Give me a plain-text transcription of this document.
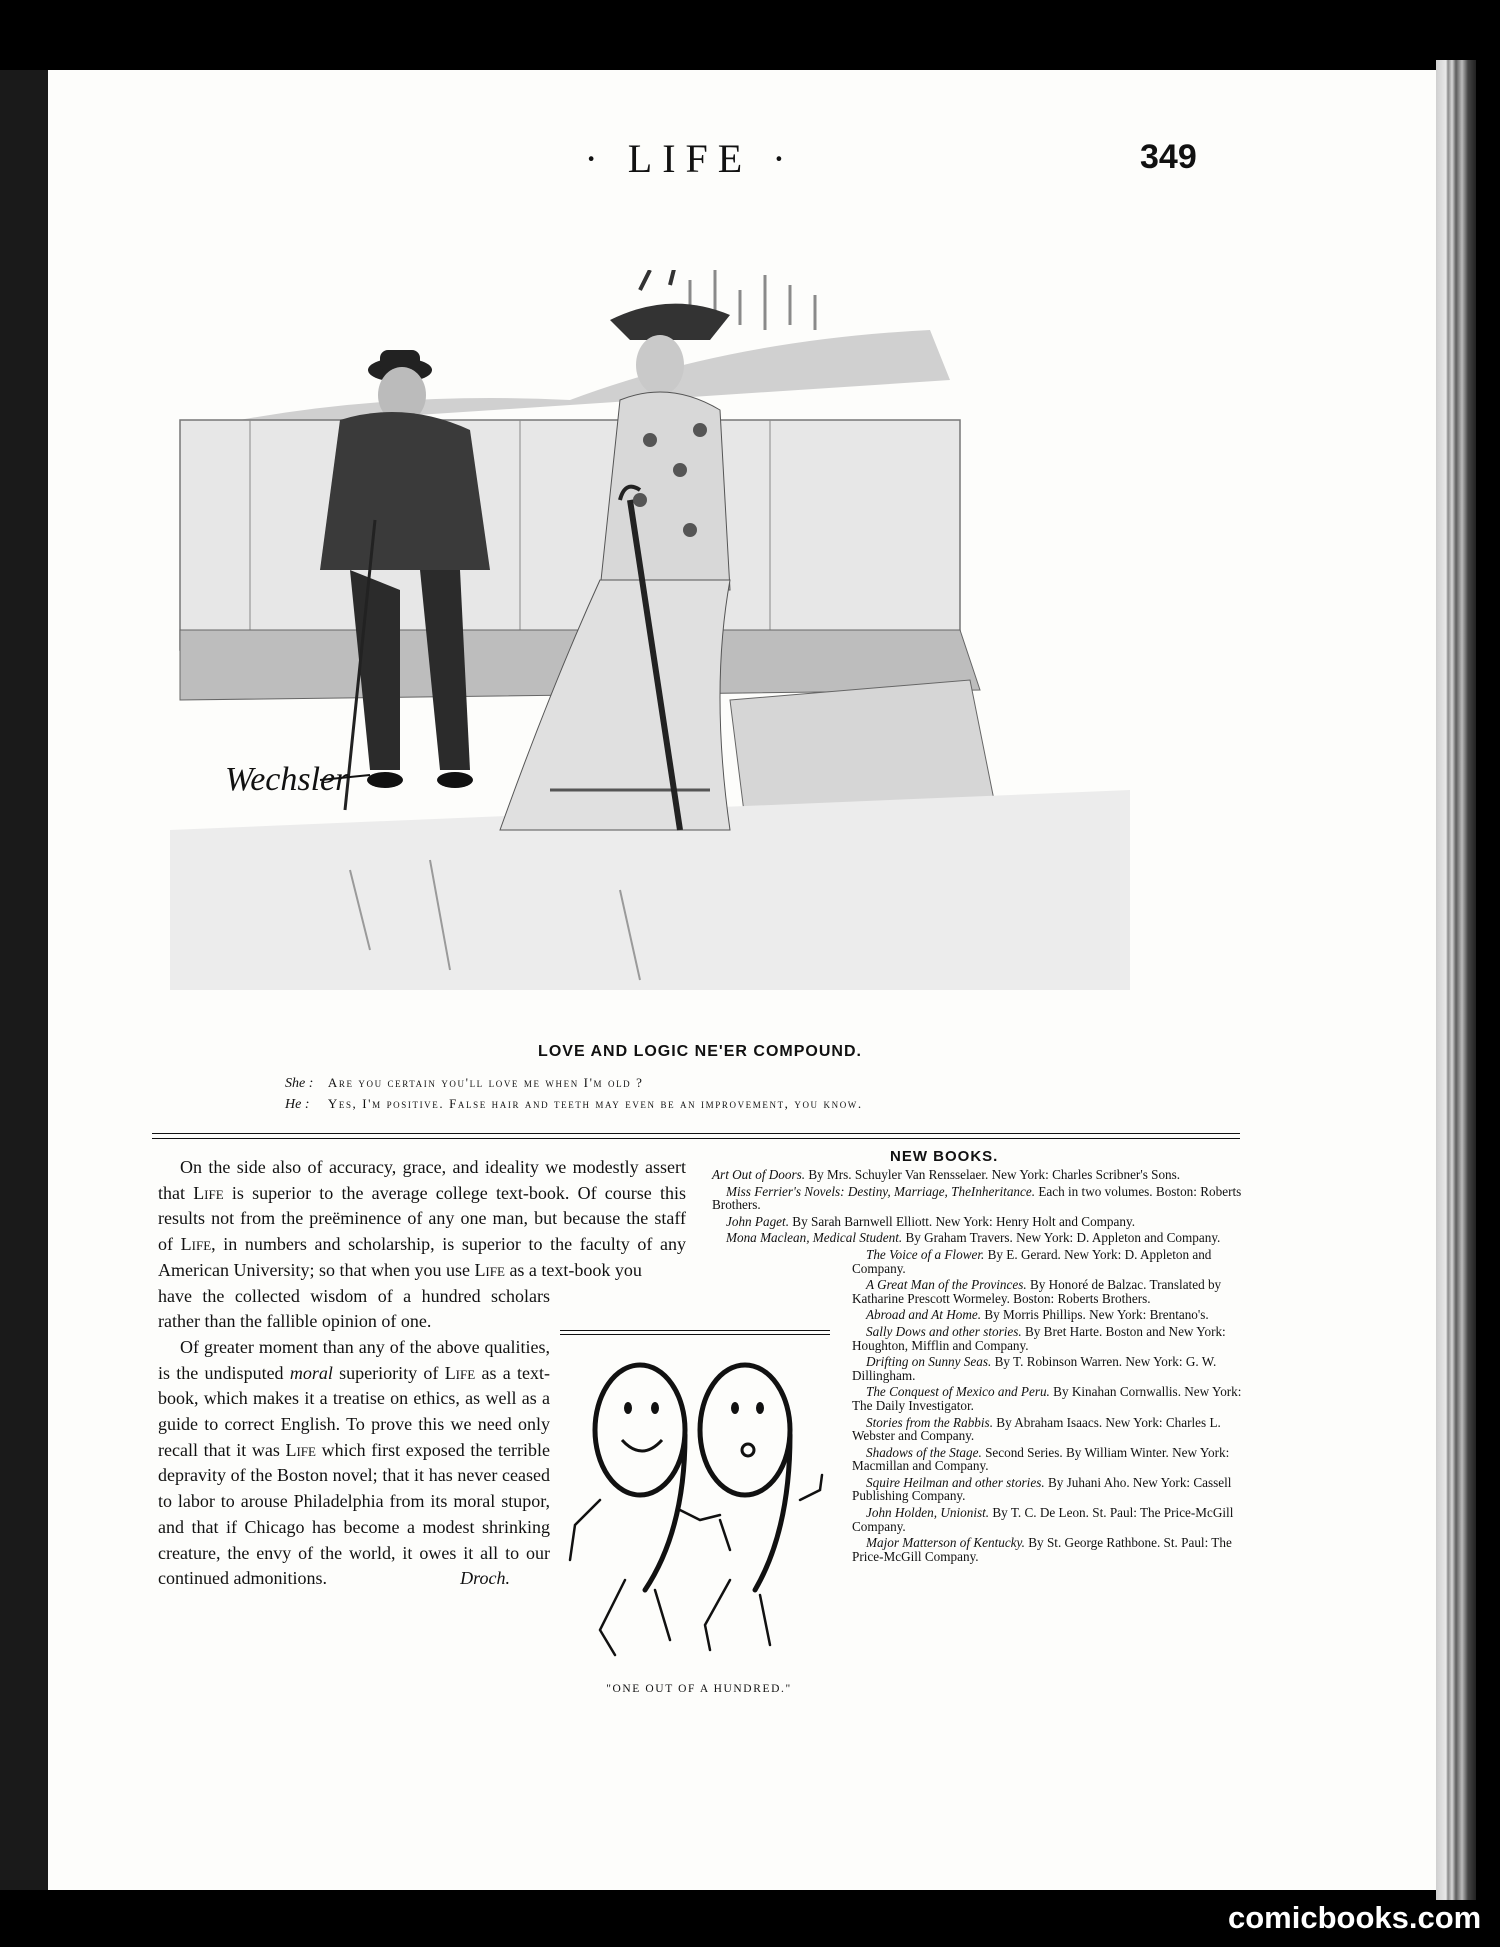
· LIFE ·	349
Wechsler
LOVE AND LOGIC NE'ER COMPOUND.
She : Are you certain you'll love me when I'm old ?
He : Yes, I'm positive. False hair and teeth may even be an improvement, you know.

On the side also of accuracy, grace, and ideality we modestly assert that Life is superior to the average college text-book. Of course this results not from the preëminence of any one man, but because the staff of Life, in numbers and scholarship, is superior to the faculty of any American University; so that when you use Life as a text-book you

have the collected wisdom of a hundred scholars rather than the fallible opinion of one.

Of greater moment than any of the above qualities, is the undisputed moral superiority of Life as a text-book, which makes it a treatise on ethics, as well as a guide to correct English. To prove this we need only recall that it was Life which first exposed the terrible depravity of the Boston novel; that it has never ceased to labor to arouse Philadelphia from its moral stupor, and that if Chicago has become a modest shrinking creature, the envy of the world, it owes it all to our continued admonitions.	Droch.

"ONE OUT OF A HUNDRED."
NEW BOOKS.
Art Out of Doors. By Mrs. Schuyler Van Rensselaer. New York: Charles Scribner's Sons.
Miss Ferrier's Novels: Destiny, Marriage, TheInheritance. Each in two volumes. Boston: Roberts Brothers.
John Paget. By Sarah Barnwell Elliott. New York: Henry Holt and Company.
Mona Maclean, Medical Student. By Graham Travers. New York: D. Appleton and Company.
The Voice of a Flower. By E. Gerard. New York: D. Appleton and Company.
A Great Man of the Provinces. By Honoré de Balzac. Translated by Katharine Prescott Wormeley. Boston: Roberts Brothers.
Abroad and At Home. By Morris Phillips. New York: Brentano's.
Sally Dows and other stories. By Bret Harte. Boston and New York: Houghton, Mifflin and Company.
Drifting on Sunny Seas. By T. Robinson Warren. New York: G. W. Dillingham.
The Conquest of Mexico and Peru. By Kinahan Cornwallis. New York: The Daily Investigator.
Stories from the Rabbis. By Abraham Isaacs. New York: Charles L. Webster and Company.
Shadows of the Stage. Second Series. By William Winter. New York: Macmillan and Company.
Squire Heilman and other stories. By Juhani Aho. New York: Cassell Publishing Company.
John Holden, Unionist. By T. C. De Leon. St. Paul: The Price-McGill Company.
Major Matterson of Kentucky. By St. George Rathbone. St. Paul: The Price-McGill Company.
comicbooks.com
